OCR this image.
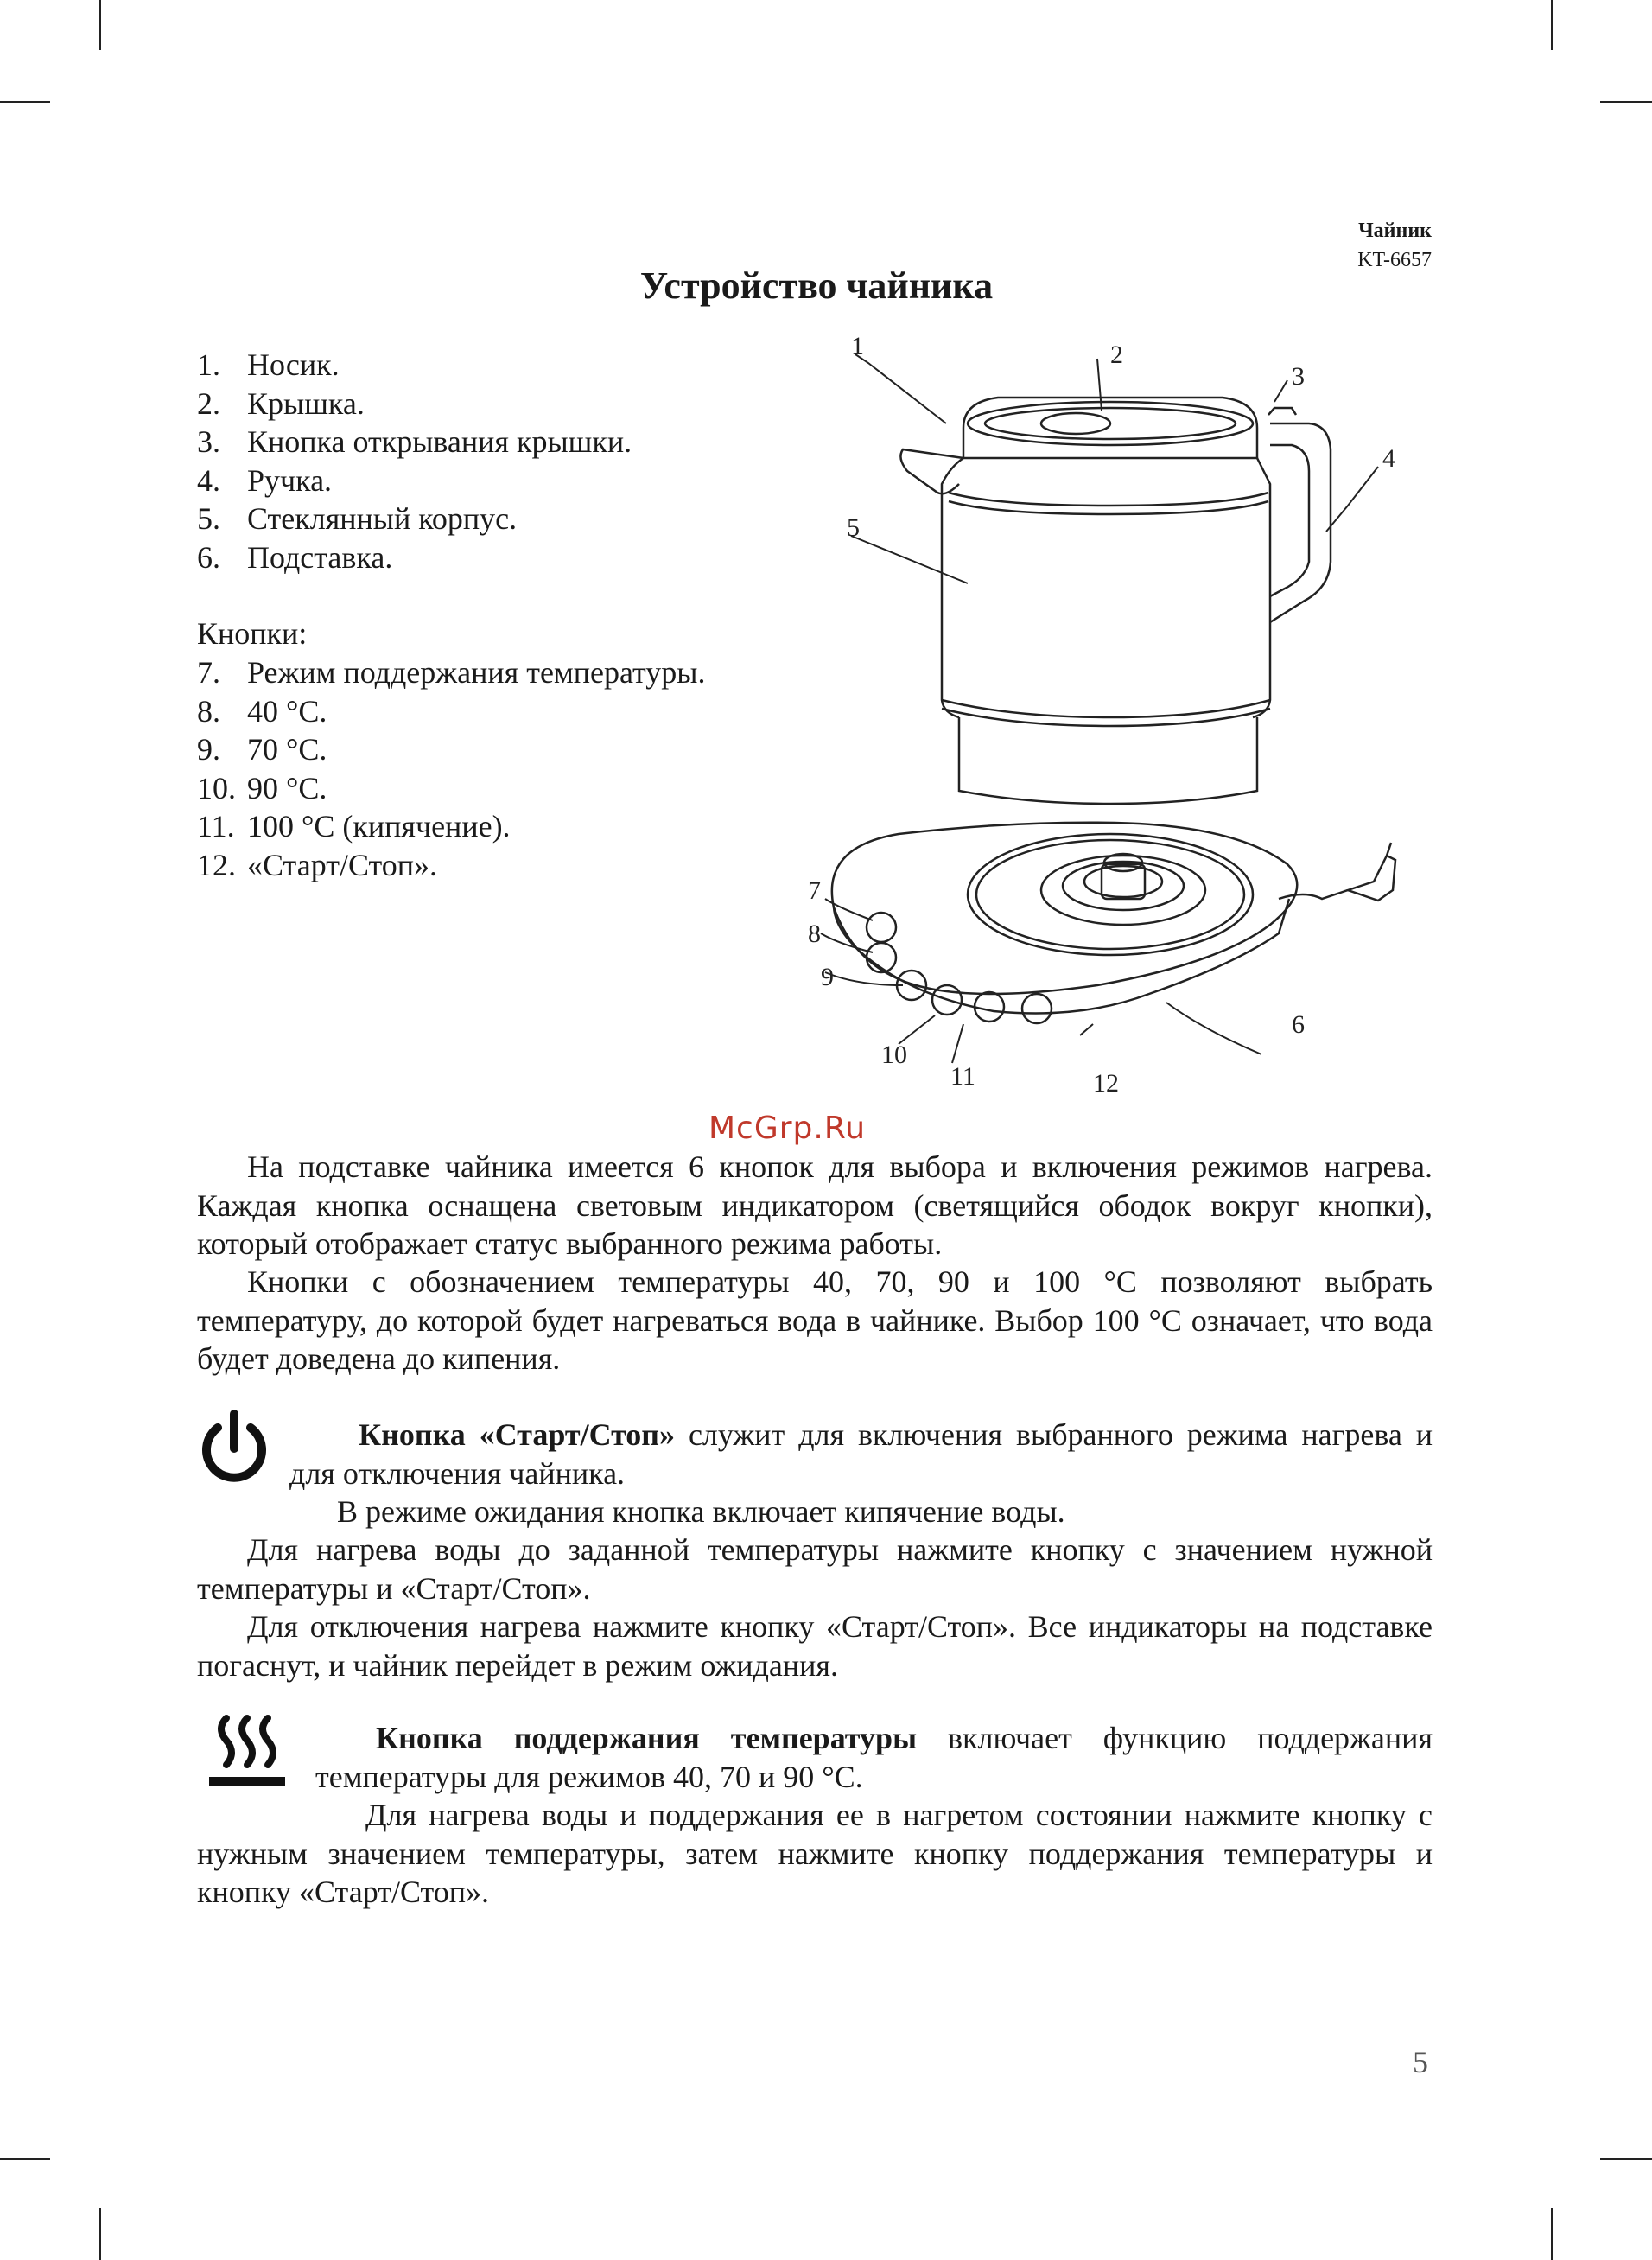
Чайник
KT-6657
Устройство чайника
1. Носик.
2. Крышка.
3. Кнопка открывания крышки.
4. Ручка.
5. Стеклянный корпус.
6. Подставка.
Кнопки:
7. Режим поддержания температуры.
8. 40 °C.
9. 70 °C.
10. 90 °C.
11. 100 °C (кипячение).
12. «Старт/Стоп».
1	2
3
4
5
6
7
8
9
10
11	12
McGrp.Ru

На подставке чайника имеется 6 кнопок для выбора и включения режимов нагрева. Каждая кнопка оснащена световым индикатором (светящийся ободок вокруг кнопки), который отображает статус выбранного режима работы.

Кнопки с обозначением температуры 40, 70, 90 и 100 °C позволяют выбрать температуру, до которой будет нагреваться вода в чайнике. Выбор 100 °C означает, что вода будет доведена до кипения.

Кнопка «Старт/Стоп» служит для включения выбранного режима нагрева и для отключения чайника.

В режиме ожидания кнопка включает кипячение воды.

Для нагрева воды до заданной температуры нажмите кнопку с значением нужной температуры и «Старт/Стоп».

Для отключения нагрева нажмите кнопку «Старт/Стоп». Все индикаторы на подставке погаснут, и чайник перейдет в режим ожидания.

Кнопка поддержания температуры включает функцию поддержания температуры для режимов 40, 70 и 90 °C.

Для нагрева воды и поддержания ее в нагретом состоянии нажмите кнопку с нужным значением температуры, затем нажмите кнопку поддержания температуры и кнопку «Старт/Стоп».

5
